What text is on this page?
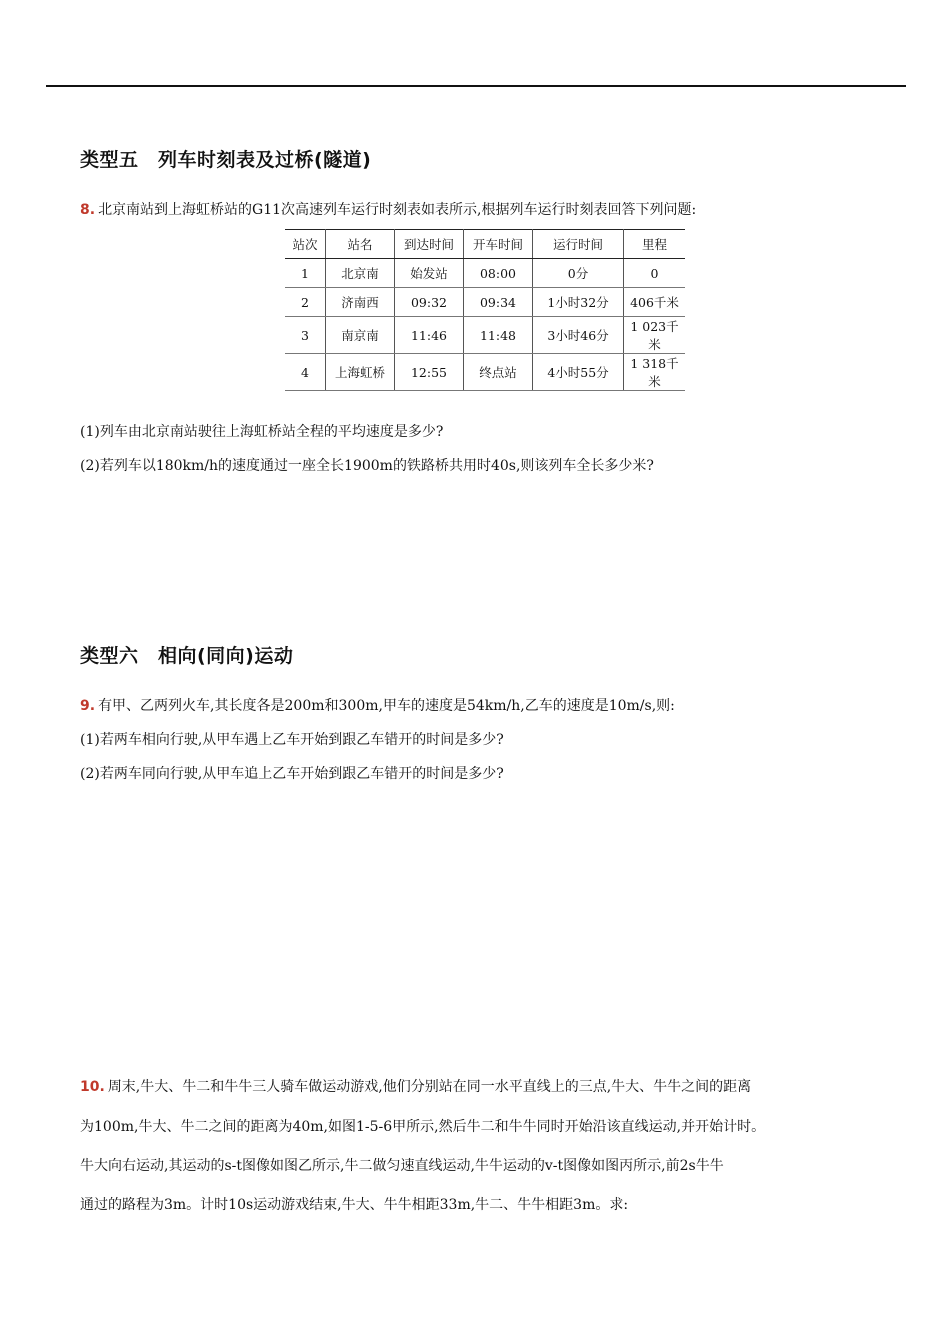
类型五　列车时刻表及过桥(隧道)
8. 北京南站到上海虹桥站的G11次高速列车运行时刻表如表所示,根据列车运行时刻表回答下列问题:
站次	站名	到达时间	开车时间	运行时间	里程
1	北京南	始发站	08:00	0分	0
2	济南西	09:32	09:34	1小时32分	406千米
3	南京南	11:46	11:48	3小时46分	1 023千米
4	上海虹桥	12:55	终点站	4小时55分	1 318千米
(1)列车由北京南站驶往上海虹桥站全程的平均速度是多少?
(2)若列车以180km/h的速度通过一座全长1900m的铁路桥共用时40s,则该列车全长多少米?
类型六　相向(同向)运动
9. 有甲、乙两列火车,其长度各是200m和300m,甲车的速度是54km/h,乙车的速度是10m/s,则:
(1)若两车相向行驶,从甲车遇上乙车开始到跟乙车错开的时间是多少?
(2)若两车同向行驶,从甲车追上乙车开始到跟乙车错开的时间是多少?
10. 周末,牛大、牛二和牛牛三人骑车做运动游戏,他们分别站在同一水平直线上的三点,牛大、牛牛之间的距离
为100m,牛大、牛二之间的距离为40m,如图1-5-6甲所示,然后牛二和牛牛同时开始沿该直线运动,并开始计时。
牛大向右运动,其运动的s-t图像如图乙所示,牛二做匀速直线运动,牛牛运动的v-t图像如图丙所示,前2s牛牛
通过的路程为3m。计时10s运动游戏结束,牛大、牛牛相距33m,牛二、牛牛相距3m。求:
